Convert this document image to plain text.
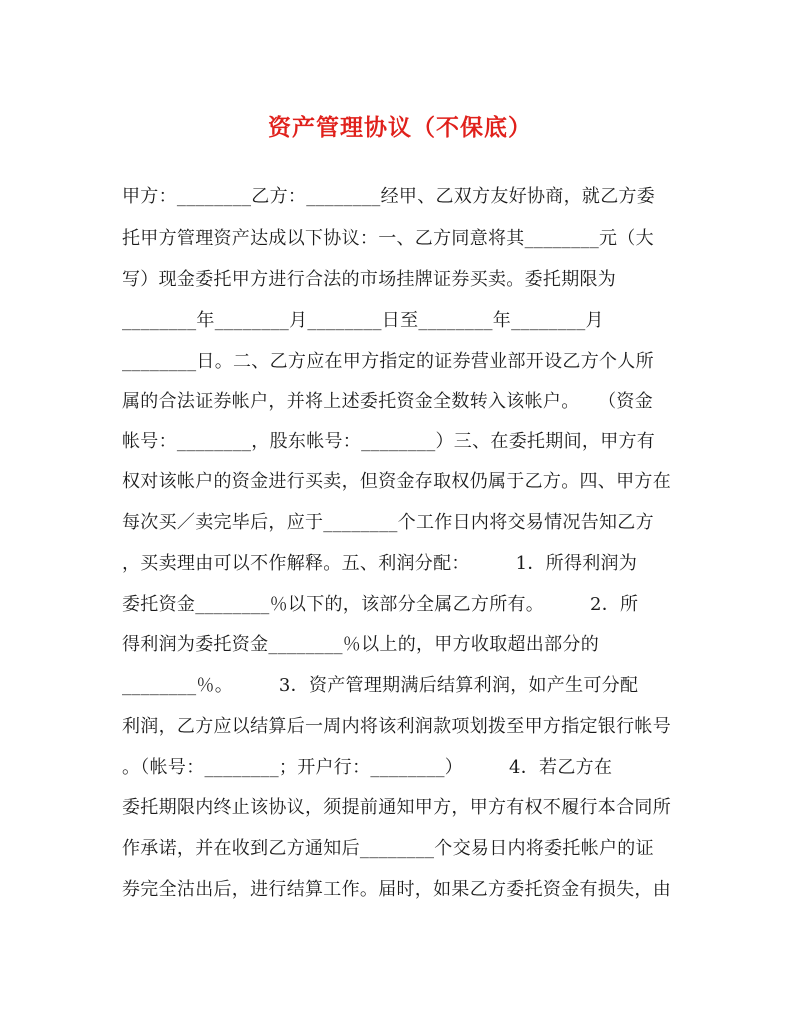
资产管理协议（不保底）
甲方：________乙方：________经甲、乙双方友好协商，就乙方委
托甲方管理资产达成以下协议：一、乙方同意将其________元（大
写）现金委托甲方进行合法的市场挂牌证券买卖。委托期限为
________年________月________日至________年________月
________日。二、乙方应在甲方指定的证券营业部开设乙方个人所
属的合法证券帐户，并将上述委托资金全数转入该帐户。　　（资金
帐号：________，股东帐号：________）三、在委托期间，甲方有
权对该帐户的资金进行买卖，但资金存取权仍属于乙方。四、甲方在
每次买／卖完毕后，应于________个工作日内将交易情况告知乙方
，买卖理由可以不作解释。五、利润分配：　　　1．所得利润为
委托资金________％以下的，该部分全属乙方所有。　　　2．所
得利润为委托资金________％以上的，甲方收取超出部分的
________％。　　　3．资产管理期满后结算利润，如产生可分配
利润，乙方应以结算后一周内将该利润款项划拨至甲方指定银行帐号
。（帐号：________；开户行：________）　　　4．若乙方在
委托期限内终止该协议，须提前通知甲方，甲方有权不履行本合同所
作承诺，并在收到乙方通知后________个交易日内将委托帐户的证
券完全沽出后，进行结算工作。届时，如果乙方委托资金有损失，由
